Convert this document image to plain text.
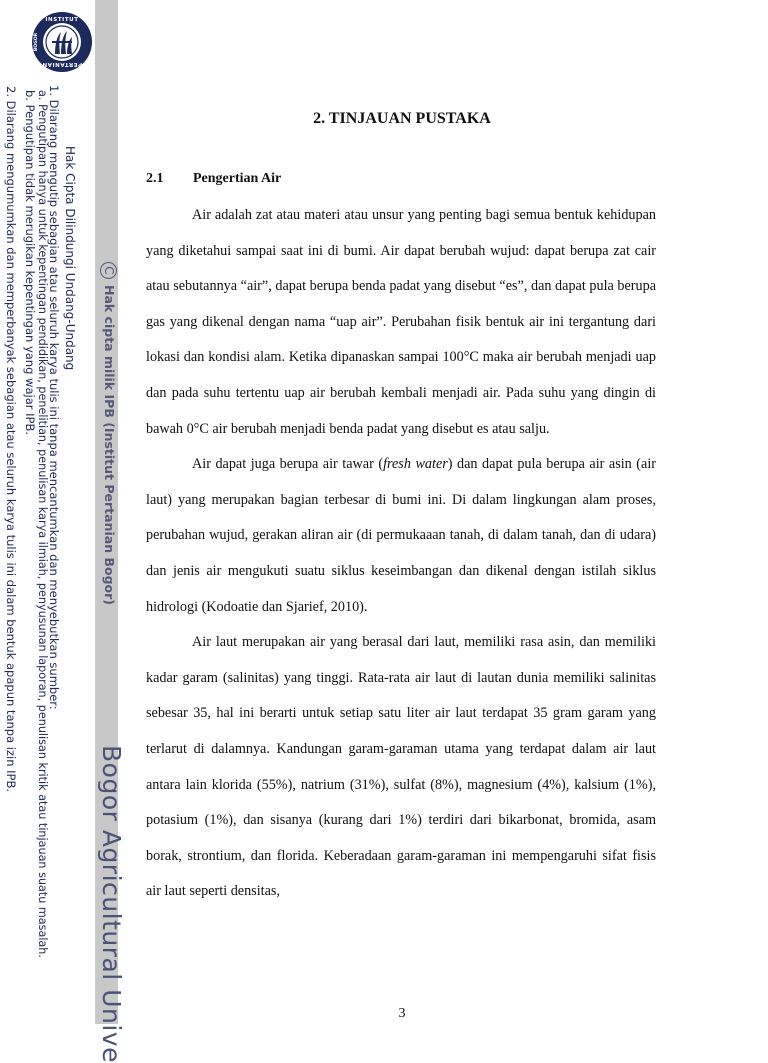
INSTITUT
PERTANIAN
BOGOR
Hak Cipta Dilindungi Undang-Undang
1. Dilarang mengutip sebagian atau seluruh karya tulis ini tanpa mencantumkan dan menyebutkan sumber:
a. Pengutipan hanya untuk kepentingan pendidikan, penelitian, penulisan karya ilmiah, penyusunan laporan, penulisan kritik atau tinjauan suatu masalah.
b. Pengutipan tidak merugikan kepentingan yang wajar IPB.
2. Dilarang mengumumkan dan memperbanyak sebagian atau seluruh karya tulis ini dalam bentuk apapun tanpa izin IPB.	CHak cipta milik IPB (Institut Pertanian Bogor)
Bogor Agricultural Unive
2. TINJAUAN PUSTAKA
2.1 Pengertian Air

Air adalah zat atau materi atau unsur yang penting bagi semua bentuk kehidupan yang diketahui sampai saat ini di bumi. Air dapat berubah wujud: dapat berupa zat cair atau sebutannya “air”, dapat berupa benda padat yang disebut “es”, dan dapat pula berupa gas yang dikenal dengan nama “uap air”. Perubahan fisik bentuk air ini tergantung dari lokasi dan kondisi alam. Ketika dipanaskan sampai 100°C maka air berubah menjadi uap dan pada suhu tertentu uap air berubah kembali menjadi air. Pada suhu yang dingin di bawah 0°C air berubah menjadi benda padat yang disebut es atau salju.

Air dapat juga berupa air tawar (fresh water) dan dapat pula berupa air asin (air laut) yang merupakan bagian terbesar di bumi ini. Di dalam lingkungan alam proses, perubahan wujud, gerakan aliran air (di permukaaan tanah, di dalam tanah, dan di udara) dan jenis air mengukuti suatu siklus keseimbangan dan dikenal dengan istilah siklus hidrologi (Kodoatie dan Sjarief, 2010).

Air laut merupakan air yang berasal dari laut, memiliki rasa asin, dan memiliki kadar garam (salinitas) yang tinggi. Rata-rata air laut di lautan dunia memiliki salinitas sebesar 35, hal ini berarti untuk setiap satu liter air laut terdapat 35 gram garam yang terlarut di dalamnya. Kandungan garam-garaman utama yang terdapat dalam air laut antara lain klorida (55%), natrium (31%), sulfat (8%), magnesium (4%), kalsium (1%), potasium (1%), dan sisanya (kurang dari 1%) terdiri dari bikarbonat, bromida, asam borak, strontium, dan florida. Keberadaan garam-garaman ini mempengaruhi sifat fisis air laut seperti densitas,

3
